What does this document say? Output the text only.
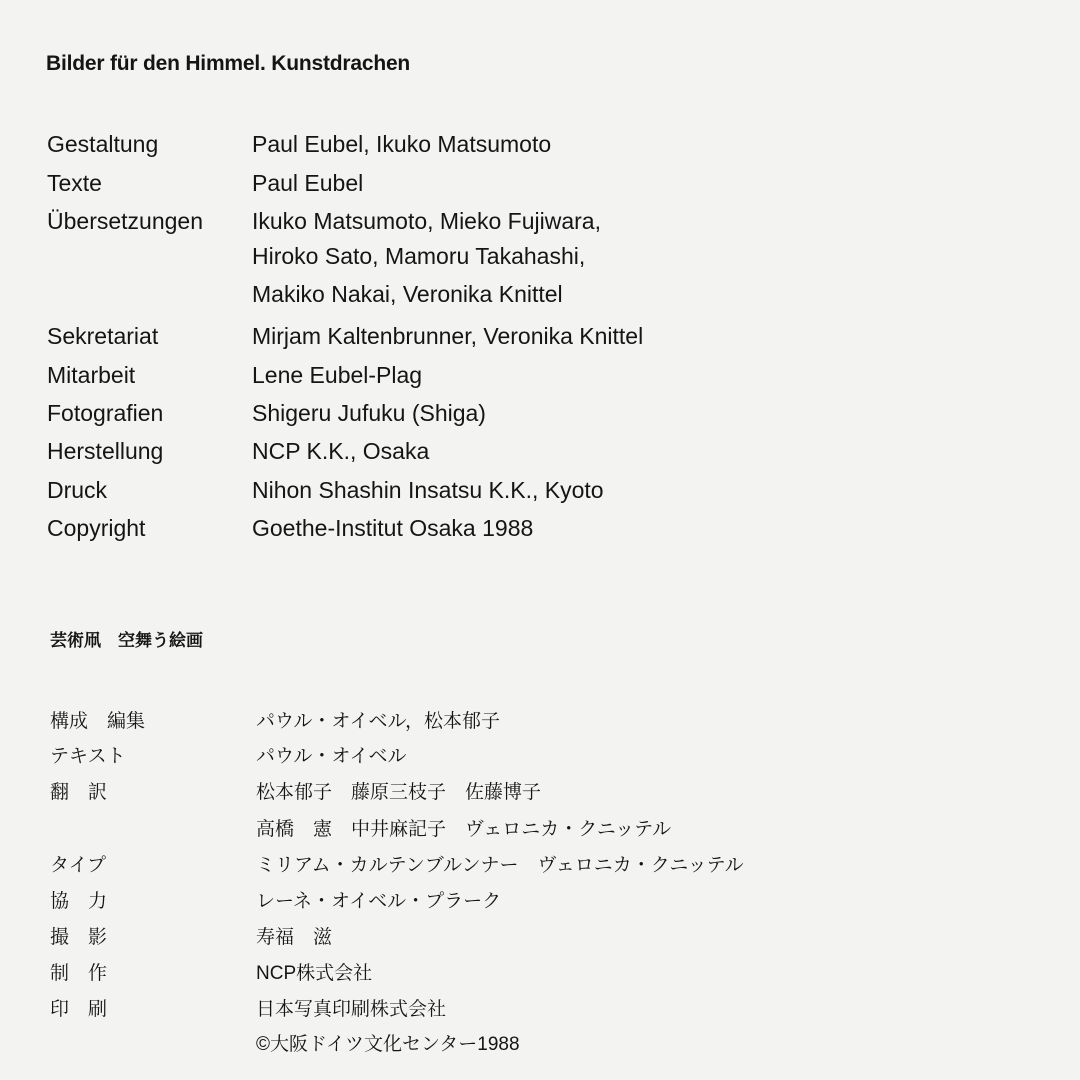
Bilder für den Himmel. Kunstdrachen
Gestaltung	Paul Eubel, Ikuko Matsumoto
Texte	Paul Eubel
Übersetzungen Ikuko Matsumoto, Mieko Fujiwara,
Hiroko Sato, Mamoru Takahashi,
Makiko Nakai, Veronika Knittel
Sekretariat	Mirjam Kaltenbrunner, Veronika Knittel
Mitarbeit	Lene Eubel-Plag
Fotografien	Shigeru Jufuku (Shiga)
Herstellung	NCP K.K., Osaka
Druck	Nihon Shashin Insatsu K.K., Kyoto
Copyright	Goethe-Institut Osaka 1988
芸術凧　空舞う絵画
構成　編集	パウル・オイベル，松本郁子
テキスト	パウル・オイベル
翻　訳	松本郁子　藤原三枝子　佐藤博子
高橋　憲　中井麻記子　ヴェロニカ・クニッテル
タイプ	ミリアム・カルテンブルンナー　ヴェロニカ・クニッテル
協　力	レーネ・オイベル・プラーク
撮　影	寿福　滋
制　作	NCP株式会社
印　刷	日本写真印刷株式会社
©大阪ドイツ文化センター1988
